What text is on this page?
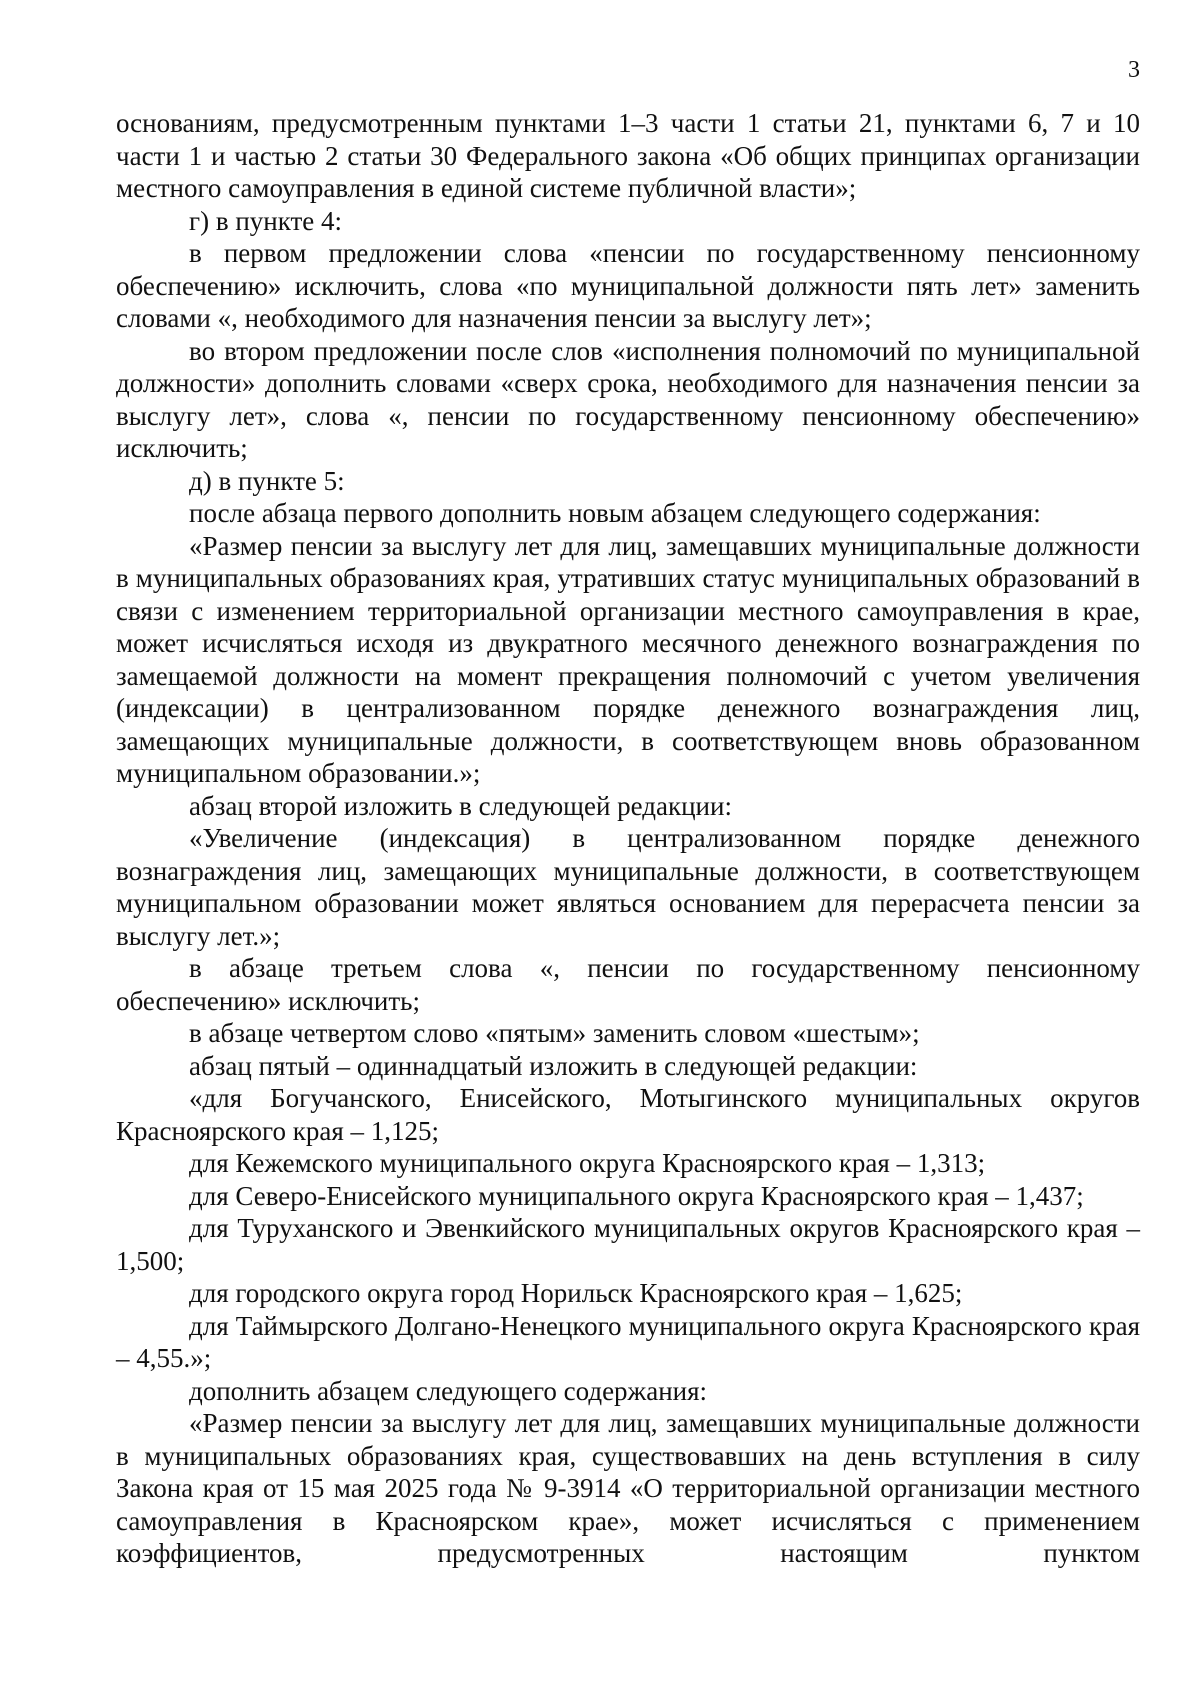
3

основаниям, предусмотренным пунктами 1–3 части 1 статьи 21, пунктами 6, 7 и 10 части 1 и частью 2 статьи 30 Федерального закона «Об общих принципах организации местного самоуправления в единой системе публичной власти»;

г) в пункте 4:

в первом предложении слова «пенсии по государственному пенсионному обеспечению» исключить, слова «по муниципальной должности пять лет» заменить словами «, необходимого для назначения пенсии за выслугу лет»;

во втором предложении после слов «исполнения полномочий по муниципальной должности» дополнить словами «сверх срока, необходимого для назначения пенсии за выслугу лет», слова «, пенсии по государственному пенсионному обеспечению» исключить;

д) в пункте 5:

после абзаца первого дополнить новым абзацем следующего содержания:

«Размер пенсии за выслугу лет для лиц, замещавших муниципальные должности в муниципальных образованиях края, утративших статус муниципальных образований в связи с изменением территориальной организации местного самоуправления в крае, может исчисляться исходя из двукратного месячного денежного вознаграждения по замещаемой должности на момент прекращения полномочий с учетом увеличения (индексации) в централизованном порядке денежного вознаграждения лиц, замещающих муниципальные должности, в соответствующем вновь образованном муниципальном образовании.»;

абзац второй изложить в следующей редакции:

«Увеличение (индексация) в централизованном порядке денежного вознаграждения лиц, замещающих муниципальные должности, в соответствующем муниципальном образовании может являться основанием для перерасчета пенсии за выслугу лет.»;

в абзаце третьем слова «, пенсии по государственному пенсионному обеспечению» исключить;

в абзаце четвертом слово «пятым» заменить словом «шестым»;

абзац пятый – одиннадцатый изложить в следующей редакции:

«для Богучанского, Енисейского, Мотыгинского муниципальных округов Красноярского края – 1,125;

для Кежемского муниципального округа Красноярского края – 1,313;

для Северо-Енисейского муниципального округа Красноярского края – 1,437;

для Туруханского и Эвенкийского муниципальных округов Красноярского края – 1,500;

для городского округа город Норильск Красноярского края – 1,625;

для Таймырского Долгано-Ненецкого муниципального округа Красноярского края – 4,55.»;

дополнить абзацем следующего содержания:

«Размер пенсии за выслугу лет для лиц, замещавших муниципальные должности в муниципальных образованиях края, существовавших на день вступления в силу Закона края от 15 мая 2025 года № 9-3914 «О территориальной организации местного самоуправления в Красноярском крае», может исчисляться с применением коэффициентов, предусмотренных настоящим пунктом
